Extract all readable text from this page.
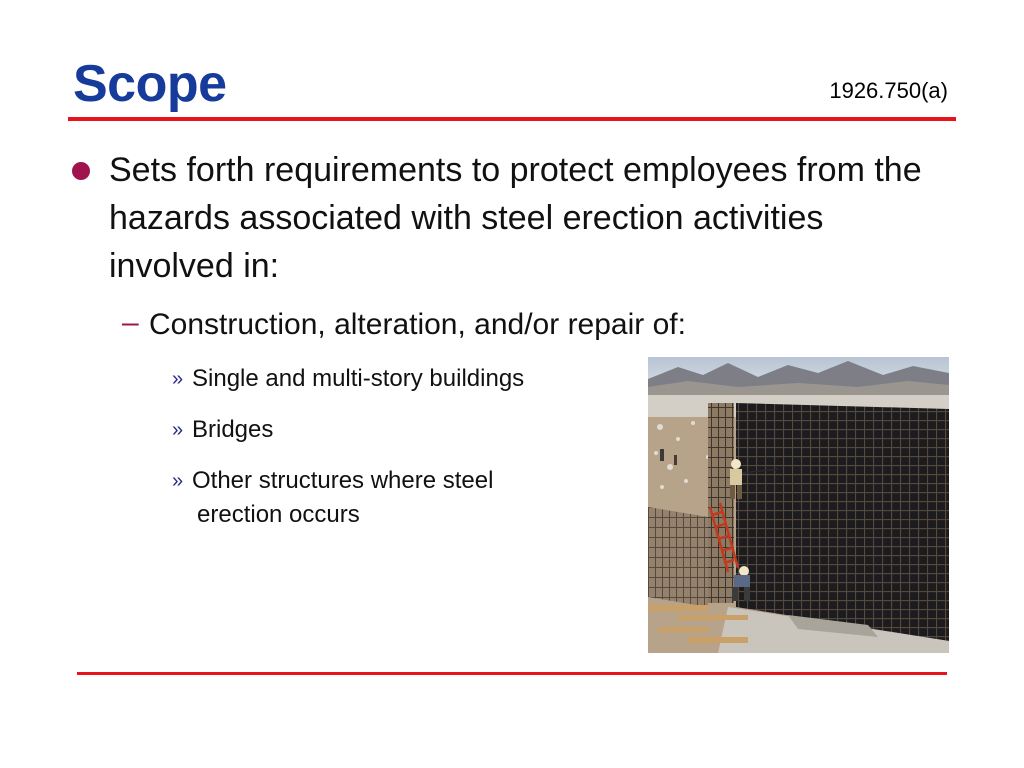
Scope	1926.750(a)
Sets forth requirements to protect employees from the hazards associated with steel erection activities involved in:
– Construction, alteration, and/or repair of:
» Single and multi-story buildings
» Bridges
» Other structures where steel
erection occurs
